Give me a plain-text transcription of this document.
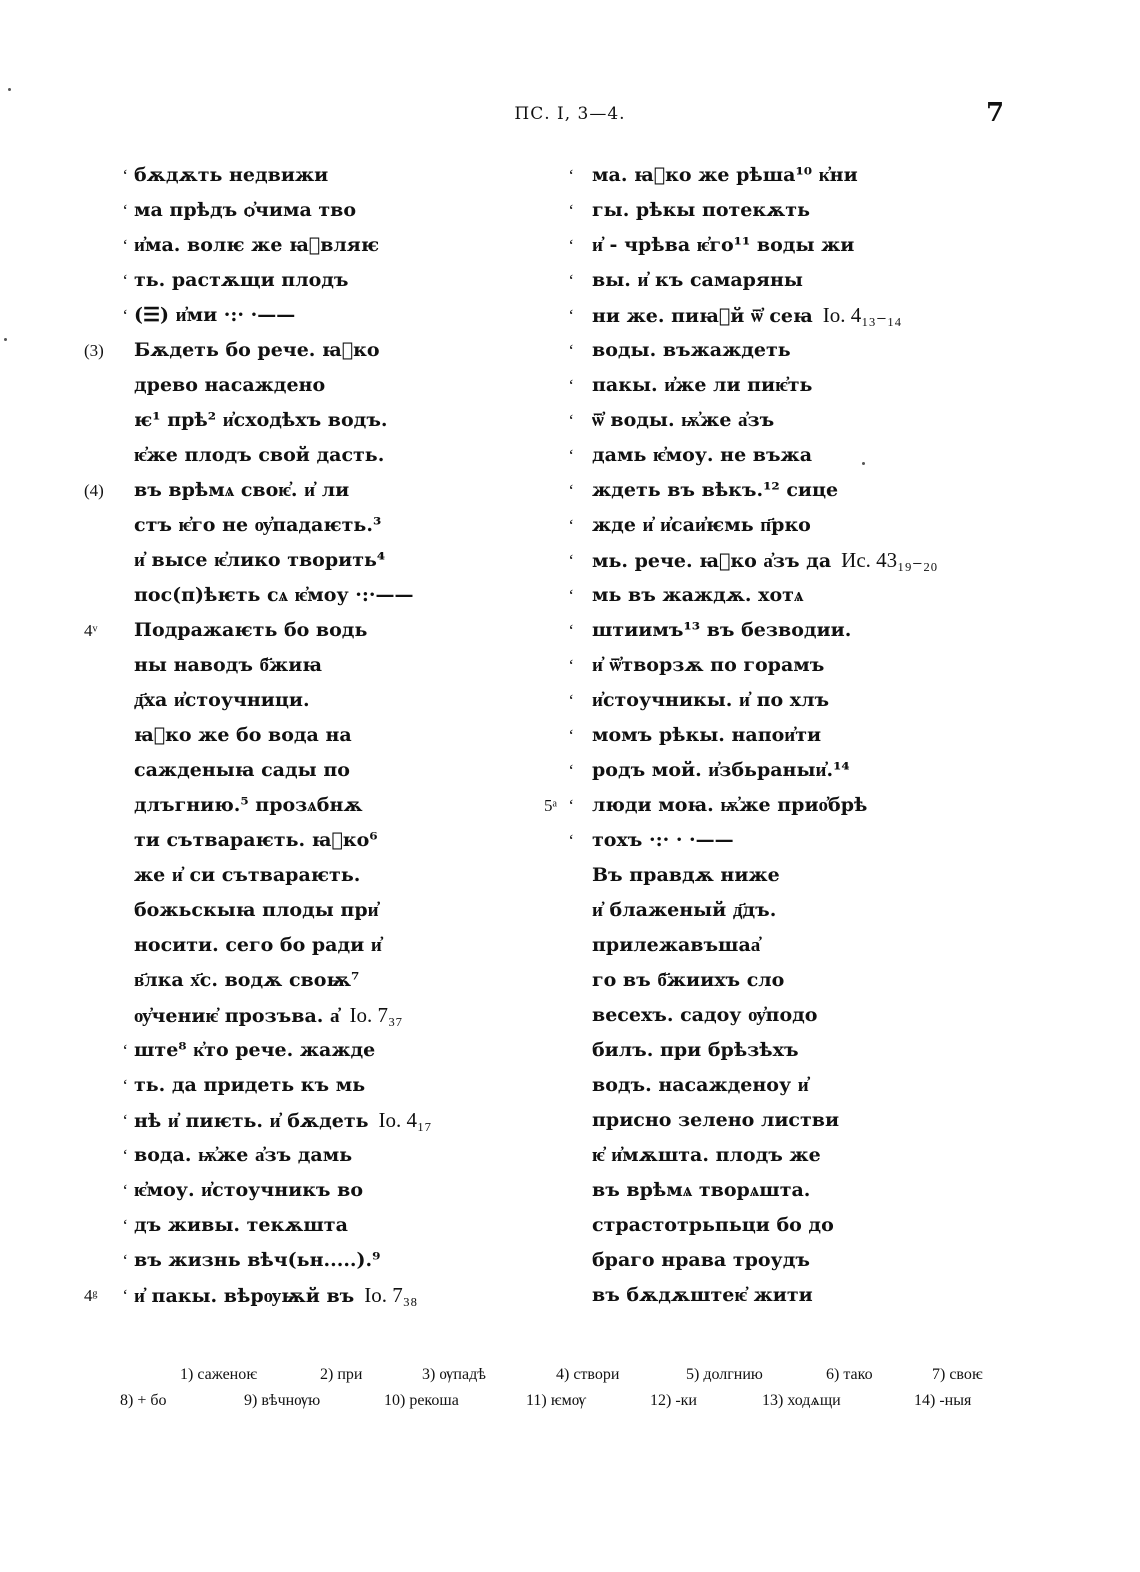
ПС. I, 3—4.	7
ʻ бѫдѫть недвижи
ʻ ма прѣдъ ѻ҆чима тво
ʻ и҆ма. волѥ же ꙗ҆вляѥ
ʻ ть. растѫщи плодъ
ʻ (☰) и҆ми ·:· ·——
(3) Бѫдеть бо рече. ꙗ҆ко
древо насаждено
ѥ¹ прѣ² и҆сходѣхъ водъ.
ѥ҆же плодъ свой дасть.
(4) въ врѣмѧ своѥ҆. и҆ ли
стъ ѥ҆го не ѹ҆падаѥть.³
и҆ высе ѥ҆лико творить⁴
пос(п)ѣѥть сѧ ѥ҆моу ·:·——
4ᵛ Подражаѥть бо водь
ны наводъ б҃жиꙗ
д҃ха и҆стоучници.
ꙗ҆ко же бо вода на
сажденыꙗ сады по
длъгнию.⁵ прозѧбнѫ
ти сътвараѥть. ꙗ҆ко⁶
же и҆ си сътвараѥть.
божьскыꙗ плоды при҆
носити. сего бо ради и҆
в҃лка х҃с. водѫ своѭ⁷
ѹ҆чениѥ҆ прозъва. а҆ Іо. 7₃₇
ʻ ште⁸ к҆то рече. жажде
ʻ ть. да придеть къ мь
ʻ нѣ и҆ пиѥть. и҆ бѫдеть Іо. 4₁₇
ʻ вода. ѭ҆же а҆зъ дамь
ʻ ѥ҆моу. и҆стоучникъ во
ʻ дъ живы. текѫшта
ʻ въ жизнь вѣч(ьн.....).⁹
4ᵍ	ʻ и҆ пакы. вѣрѹѭй въ Іо. 7₃₈
ʻ ма. ꙗ҆ко же рѣша¹⁰ к҆ни
ʻ гы. рѣкы потекѫть
ʻ и҆ - чрѣва ѥ҆го¹¹ воды жи
ʻ вы. и҆ къ самаряны
ʻ ни же. пиꙗ҆й ѿ҆ сеꙗ Іо. 4₁₃₋₁₄
ʻ воды. въжаждеть
ʻ пакы. и҆же ли пиѥ҆ть
ʻ ѿ҆ воды. ѭ҆же а҆зъ
ʻ дамь ѥ҆моу. не въжа
ʻ ждеть въ вѣкъ.¹² сице
ʻ жде и҆ и҆саи҆ѥмь п҃рко
ʻ мь. рече. ꙗ҆ко а҆зъ да Ис. 43₁₉₋₂₀
ʻ мь въ жаждѫ. хотѧ
ʻ штиимъ¹³ въ безводии.
ʻ и҆ ѿ҆творзѫ по горамъ
ʻ и҆стоучникы. и҆ по хлъ
ʻ момъ рѣкы. напои҆ти
ʻ родъ мой. и҆збьраныи҆.¹⁴
5ᵃ ʻ люди моꙗ. ѭ҆же прио҆брѣ
ʻ тохъ ·:· · ·——
Въ правдѫ ниже
и҆ блаженый д҃дъ.
прилежавъшаа҆
го въ б҃жиихъ сло
весехъ. садоу ѹ҆подо
билъ. при брѣзѣхъ
водъ. насажденоу и҆
присно зелено листви
ѥ҆ и҆мѫшта. плодъ же
въ врѣмѧ творѧшта.
страстотрьпьци бо до
браго нрава троудъ
въ бѫдѫштеѥ҆ жити
1) саженоѥ	2) при	3) ѹпадѣ	4) створи	5) долгнию	6) тако	7) своѥ
8) + бо	9) вѣчнѹю	10) рекоша	11) ѥмѹ	12) -ки	13) ходѧщи	14) -ныя
